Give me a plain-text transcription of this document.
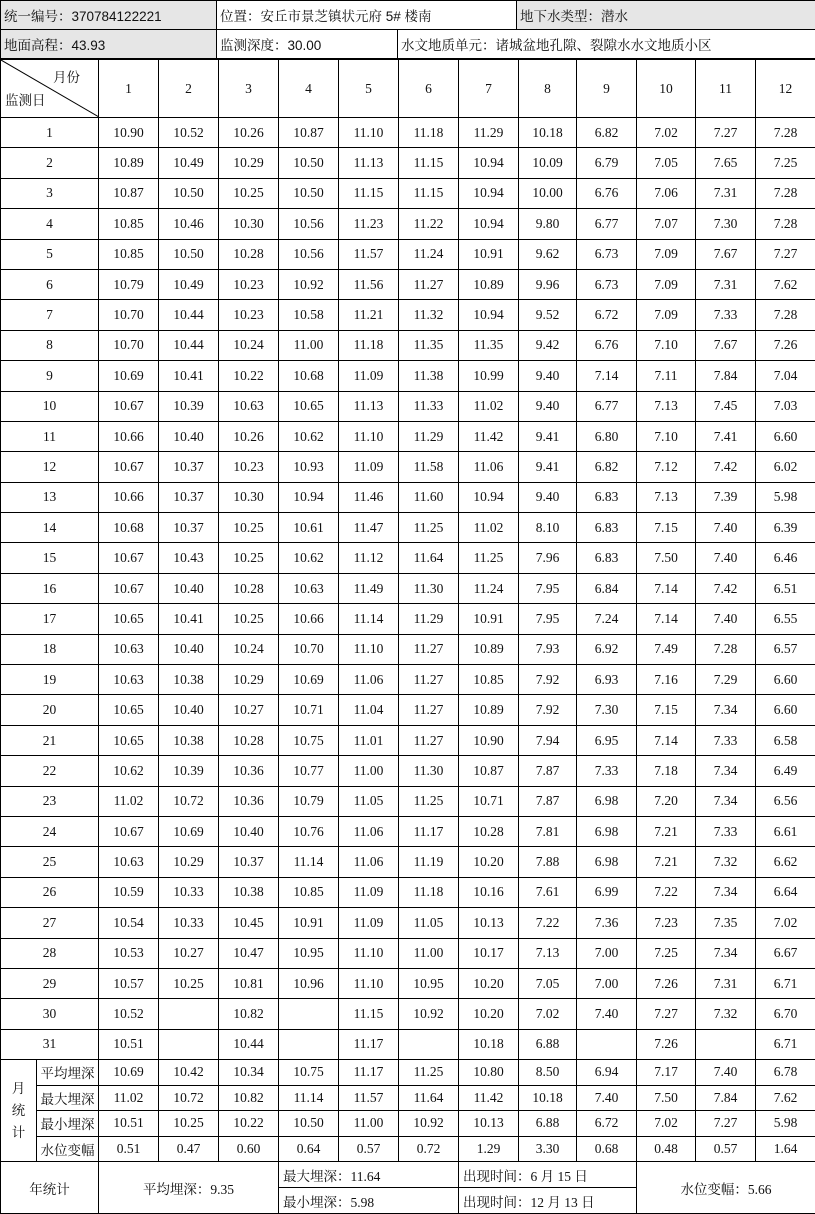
统一编号：370784122221	位置：安丘市景芝镇状元府 5# 楼南		地下水类型：潜水
地面高程：43.93	监测深度：30.00	水文地质单元：诸城盆地孔隙、裂隙水水文地质小区	
月份
监测日		1	2	3	4	5	6	7	8	9	10	11	12
1		10.90	10.52	10.26	10.87	11.10	11.18	11.29	10.18	6.82	7.02	7.27	7.28
2		10.89	10.49	10.29	10.50	11.13	11.15	10.94	10.09	6.79	7.05	7.65	7.25
3		10.87	10.50	10.25	10.50	11.15	11.15	10.94	10.00	6.76	7.06	7.31	7.28
4		10.85	10.46	10.30	10.56	11.23	11.22	10.94	9.80	6.77	7.07	7.30	7.28
5		10.85	10.50	10.28	10.56	11.57	11.24	10.91	9.62	6.73	7.09	7.67	7.27
6		10.79	10.49	10.23	10.92	11.56	11.27	10.89	9.96	6.73	7.09	7.31	7.62
7		10.70	10.44	10.23	10.58	11.21	11.32	10.94	9.52	6.72	7.09	7.33	7.28
8		10.70	10.44	10.24	11.00	11.18	11.35	11.35	9.42	6.76	7.10	7.67	7.26
9		10.69	10.41	10.22	10.68	11.09	11.38	10.99	9.40	7.14	7.11	7.84	7.04
10		10.67	10.39	10.63	10.65	11.13	11.33	11.02	9.40	6.77	7.13	7.45	7.03
11		10.66	10.40	10.26	10.62	11.10	11.29	11.42	9.41	6.80	7.10	7.41	6.60
12		10.67	10.37	10.23	10.93	11.09	11.58	11.06	9.41	6.82	7.12	7.42	6.02
13		10.66	10.37	10.30	10.94	11.46	11.60	10.94	9.40	6.83	7.13	7.39	5.98
14		10.68	10.37	10.25	10.61	11.47	11.25	11.02	8.10	6.83	7.15	7.40	6.39
15		10.67	10.43	10.25	10.62	11.12	11.64	11.25	7.96	6.83	7.50	7.40	6.46
16		10.67	10.40	10.28	10.63	11.49	11.30	11.24	7.95	6.84	7.14	7.42	6.51
17		10.65	10.41	10.25	10.66	11.14	11.29	10.91	7.95	7.24	7.14	7.40	6.55
18		10.63	10.40	10.24	10.70	11.10	11.27	10.89	7.93	6.92	7.49	7.28	6.57
19		10.63	10.38	10.29	10.69	11.06	11.27	10.85	7.92	6.93	7.16	7.29	6.60
20		10.65	10.40	10.27	10.71	11.04	11.27	10.89	7.92	7.30	7.15	7.34	6.60
21		10.65	10.38	10.28	10.75	11.01	11.27	10.90	7.94	6.95	7.14	7.33	6.58
22		10.62	10.39	10.36	10.77	11.00	11.30	10.87	7.87	7.33	7.18	7.34	6.49
23		11.02	10.72	10.36	10.79	11.05	11.25	10.71	7.87	6.98	7.20	7.34	6.56
24		10.67	10.69	10.40	10.76	11.06	11.17	10.28	7.81	6.98	7.21	7.33	6.61
25		10.63	10.29	10.37	11.14	11.06	11.19	10.20	7.88	6.98	7.21	7.32	6.62
26		10.59	10.33	10.38	10.85	11.09	11.18	10.16	7.61	6.99	7.22	7.34	6.64
27		10.54	10.33	10.45	10.91	11.09	11.05	10.13	7.22	7.36	7.23	7.35	7.02
28		10.53	10.27	10.47	10.95	11.10	11.00	10.17	7.13	7.00	7.25	7.34	6.67
29		10.57	10.25	10.81	10.96	11.10	10.95	10.20	7.05	7.00	7.26	7.31	6.71
30		10.52		10.82		11.15	10.92	10.20	7.02	7.40	7.27	7.32	6.70
31		10.51		10.44		11.17		10.18	6.88		7.26		6.71

月
统
计	平均埋深	10.69	10.42	10.34	10.75	11.17	11.25	10.80	8.50	6.94	7.17	7.40	6.78
	最大埋深	11.02	10.72	10.82	11.14	11.57	11.64	11.42	10.18	7.40	7.50	7.84	7.62
	最小埋深	10.51	10.25	10.22	10.50	11.00	10.92	10.13	6.88	6.72	7.02	7.27	5.98
	水位变幅	0.51	0.47	0.60	0.64	0.57	0.72	1.29	3.30	0.68	0.48	0.57	1.64
年统计		平均埋深：9.35			最大埋深：11.64			出现时间：6 月 15 日			水位变幅：5.66		
					最小埋深：5.98			出现时间：12 月 13 日					
